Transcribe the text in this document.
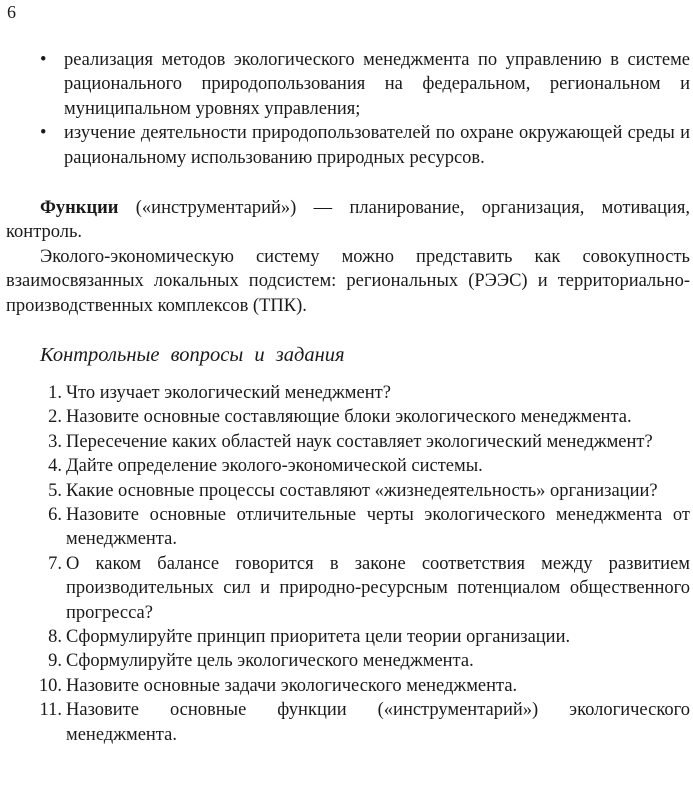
6
• реализация методов экологического менеджмента по управлению в системе рационального природопользования на федеральном, региональном и муниципальном уровнях управления;
• изучение деятельности природопользователей по охране окружающей среды и рациональному использованию природных ресурсов.

Функции («инструментарий») — планирование, организация, мотивация, контроль.

Эколого-экономическую систему можно представить как совокупность взаимосвязанных локальных подсистем: региональных (РЭЭС) и территориально-производственных комплексов (ТПК).

Контрольные вопросы и задания
1. Что изучает экологический менеджмент?
2. Назовите основные составляющие блоки экологического менеджмента.
3. Пересечение каких областей наук составляет экологический менеджмент?
4. Дайте определение эколого-экономической системы.
5. Какие основные процессы составляют «жизнедеятельность» организации?
6. Назовите основные отличительные черты экологического менеджмента от менеджмента.
7. О каком балансе говорится в законе соответствия между развитием производительных сил и природно-ресурсным потенциалом общественного прогресса?
8. Сформулируйте принцип приоритета цели теории организации.
9. Сформулируйте цель экологического менеджмента.
10. Назовите основные задачи экологического менеджмента.
11. Назовите основные функции («инструментарий») экологического менеджмента.
